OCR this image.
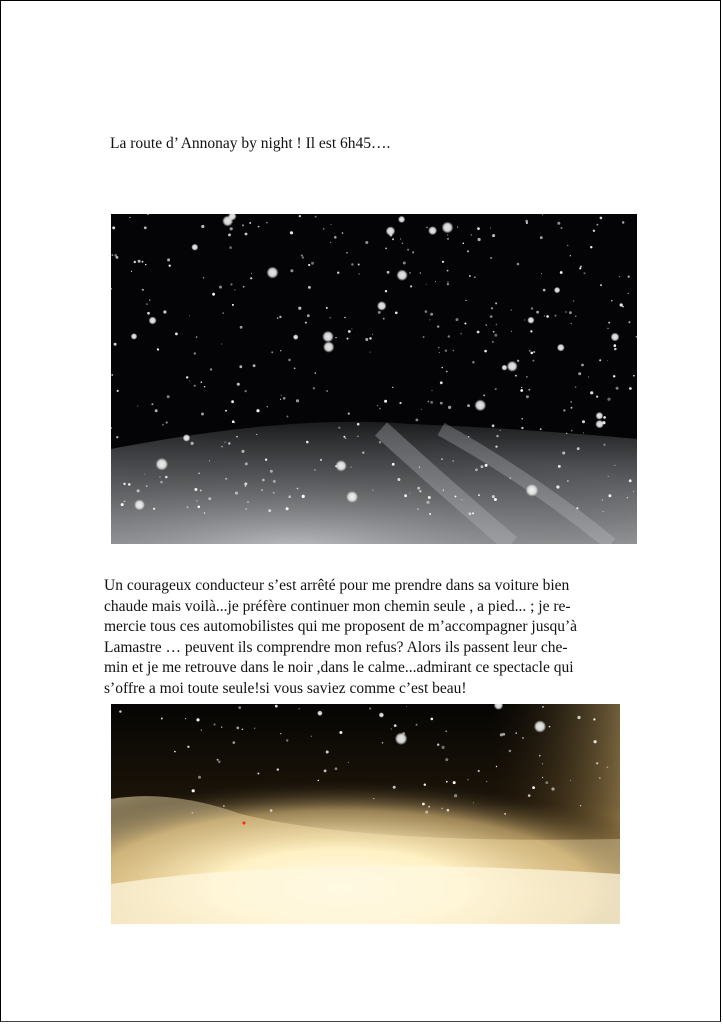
La route d’ Annonay by night ! Il est 6h45….
Un courageux conducteur s’est arrêté pour me prendre dans sa voiture bien
chaude mais voilà...je préfère continuer mon chemin seule , a pied... ; je re-
mercie tous ces automobilistes qui me proposent de m’accompagner jusqu’à
Lamastre … peuvent ils comprendre mon refus? Alors ils passent leur che-
min et je me retrouve dans le noir ,dans le calme...admirant ce spectacle qui
s’offre a moi toute seule!si vous saviez comme c’est beau!
